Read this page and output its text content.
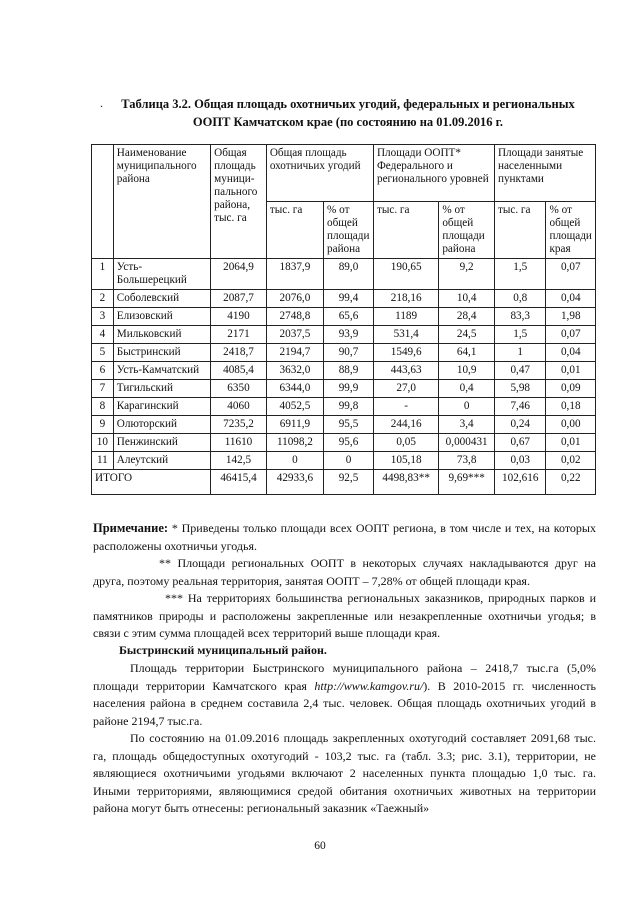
.	Таблица 3.2. Общая площадь охотничьих угодий, федеральных и региональных
ООПТ Камчатском крае (по состоянию на 01.09.2016 г.
	Наименование муниципального района	Общая площадь муници-пального района, тыс. га	Общая площадь охотничьих угодий		Площади ООПТ* Федерального и регионального уровней		Площади занятые населенными пунктами	
			тыс. га	% от общей площади района	тыс. га	% от общей площади района	тыс. га	% от общей площади края
1	Усть-Большерецкий	2064,9	1837,9	89,0	190,65	9,2	1,5	0,07
2	Соболевский	2087,7	2076,0	99,4	218,16	10,4	0,8	0,04
3	Елизовский	4190	2748,8	65,6	1189	28,4	83,3	1,98
4	Мильковский	2171	2037,5	93,9	531,4	24,5	1,5	0,07
5	Быстринский	2418,7	2194,7	90,7	1549,6	64,1	1	0,04
6	Усть-Камчатский	4085,4	3632,0	88,9	443,63	10,9	0,47	0,01
7	Тигильский	6350	6344,0	99,9	27,0	0,4	5,98	0,09
8	Карагинский	4060	4052,5	99,8	-	0	7,46	0,18
9	Олюторский	7235,2	6911,9	95,5	244,16	3,4	0,24	0,00
10	Пенжинский	11610	11098,2	95,6	0,05	0,000431	0,67	0,01
11	Алеутский	142,5	0	0	105,18	73,8	0,03	0,02
ИТОГО		46415,4	42933,6	92,5	4498,83**	9,69***	102,616	0,22
Примечание: * Приведены только площади всех ООПТ региона, в том числе и тех, на которых расположены охотничьи угодья.
** Площади региональных ООПТ в некоторых случаях накладываются друг на друга, поэтому реальная территория, занятая ООПТ – 7,28% от общей площади края.
*** На территориях большинства региональных заказников, природных парков и памятников природы и расположены закрепленные или незакрепленные охотничьи угодья; в связи с этим сумма площадей всех территорий выше площади края.
Быстринский муниципальный район.
Площадь территории Быстринского муниципального района – 2418,7 тыс.га (5,0% площади территории Камчатского края http://www.kamgov.ru/). В 2010-2015 гг. численность населения района в среднем составила 2,4 тыс. человек. Общая площадь охотничьих угодий в районе 2194,7 тыс.га.
По состоянию на 01.09.2016 площадь закрепленных охотугодий составляет 2091,68 тыс. га, площадь общедоступных охотугодий - 103,2 тыс. га (табл. 3.3; рис. 3.1), территории, не являющиеся охотничьими угодьями включают 2 населенных пункта площадью 1,0 тыс. га. Иными территориями, являющимися средой обитания охотничьих животных на территории района могут быть отнесены: региональный заказник «Таежный»
60
